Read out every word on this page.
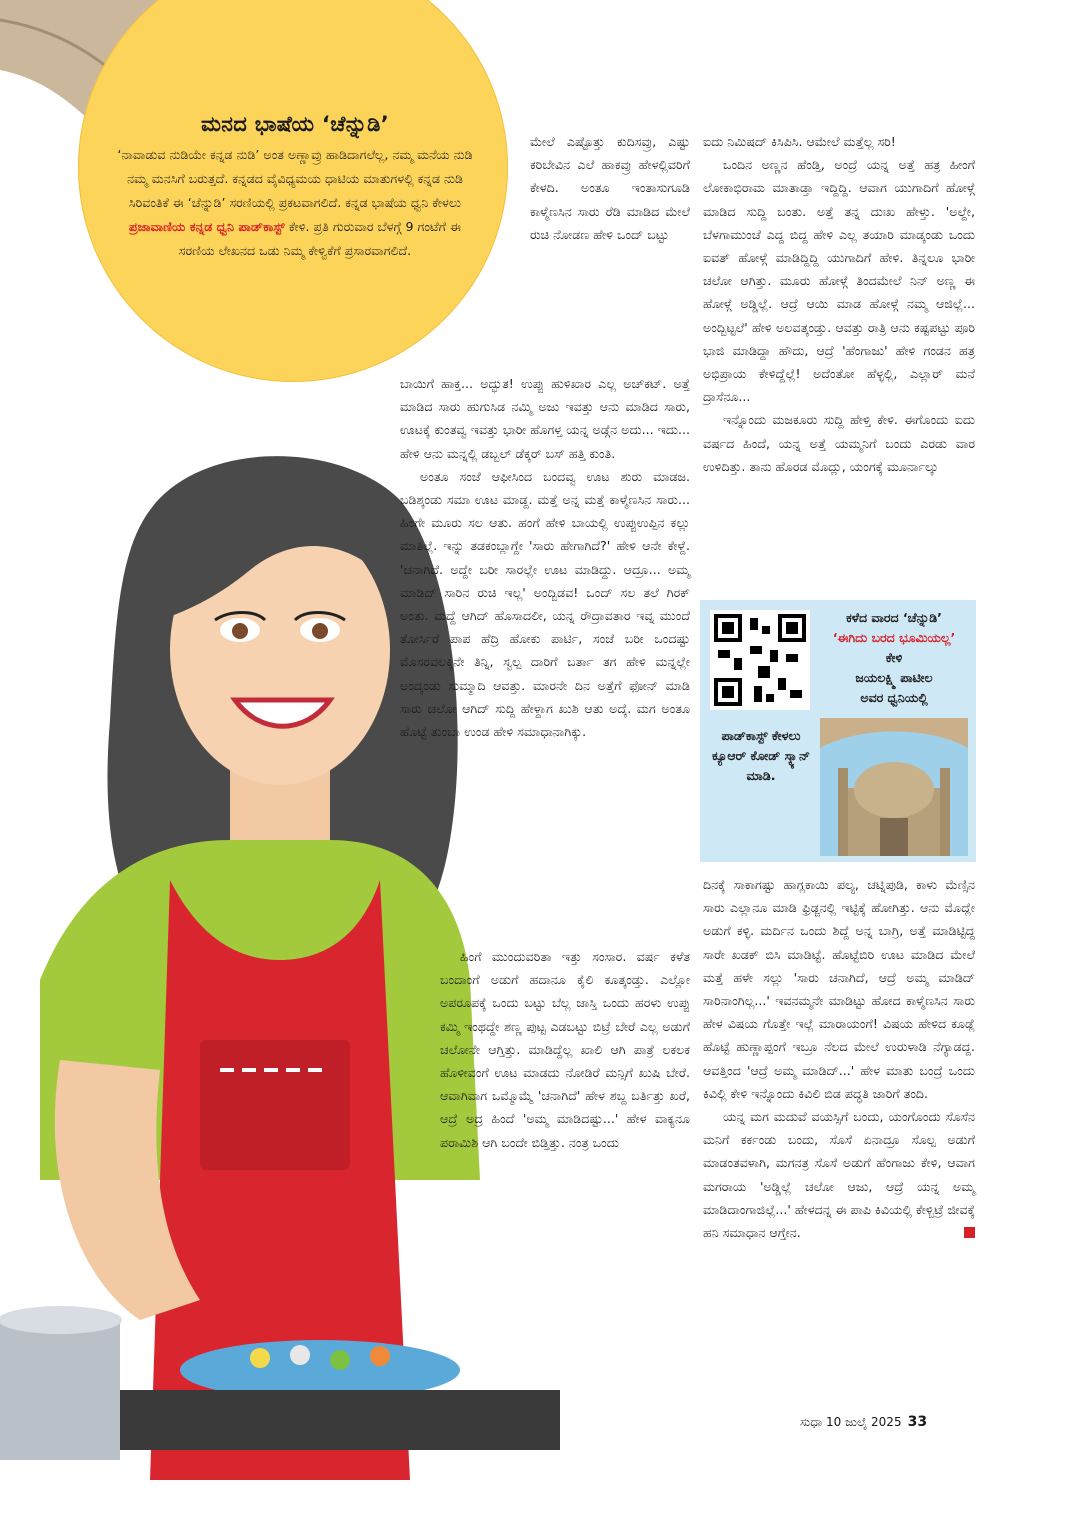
ಮನದ ಭಾಷೆಯ ‘ಚೆನ್ನುಡಿ’

‘ನಾವಾಡುವ ನುಡಿಯೇ ಕನ್ನಡ ನುಡಿ’ ಅಂತ ಅಣ್ಣಾವ್ರು ಹಾಡಿದಾಗಲೆಲ್ಲ, ನಮ್ಮ ಮನೆಯ ನುಡಿ ನಮ್ಮ ಮನಸಿಗೆ ಬರುತ್ತದೆ. ಕನ್ನಡದ ವೈವಿಧ್ಯಮಯ ಧಾಟಿಯ ಮಾತುಗಳಲ್ಲಿ ಕನ್ನಡ ನುಡಿ ಸಿರಿವಂತಿಕೆ ಈ ‘ಚೆನ್ನುಡಿ’ ಸರಣಿಯಲ್ಲಿ ಪ್ರಕಟವಾಗಲಿದೆ. ಕನ್ನಡ ಭಾಷೆಯ ಧ್ವನಿ ಕೇಳಲು ಪ್ರಜಾವಾಣಿಯ ಕನ್ನಡ ಧ್ವನಿ ಪಾಡ್‌ಕಾಸ್ಟ್ ಕೇಳಿ. ಪ್ರತಿ ಗುರುವಾರ ಬೆಳಗ್ಗೆ 9 ಗಂಟೆಗೆ ಈ ಸರಣಿಯ ಲೇಖನದ ಒಡು ನಿಮ್ಮ ಕೇಳ್ವಿಕೆಗೆ ಪ್ರಸಾರವಾಗಲಿದೆ.

ಮೇಲೆ ಎಷ್ಟೊತ್ತು ಕುದಿಸವ್ರು, ಎಷ್ಟು ಕರಿಬೇವಿನ ಎಲೆ ಹಾಕವ್ರು ಹೇಳಲ್ಲಿವರಿಗೆ ಕೇಳದಿ. ಅಂತೂ ಇಂತಾಸುಗೂಡಿ ಕಾಳ್ಮೆಣಸಿನ ಸಾರು ರೆಡಿ ಮಾಡಿದ ಮೇಲೆ ರುಚಿ ನೋಡಣ ಹೇಳಿ ಒಂದ್ ಬಟ್ಟು

ಬಾಯಿಗೆ ಹಾಕ್ತ... ಅದ್ಭುತ! ಉಪ್ಪು ಹುಳಿಖಾರ ಎಲ್ಲ ಅಚ್‌ಕಟ್. ಅತ್ತೆ ಮಾಡಿದ ಸಾರು ಹುಗುಸಿಡ ನಮ್ಮಿ ಅಜು ಇವತ್ತು ಆನು ಮಾಡಿದ ಸಾರು, ಊಟಕ್ಕೆ ಕುಂತವ್ವ ಇವತ್ತು ಭಾರೀ ಹೊಗಳ್ತ ಯನ್ನ ಅಡ್ಗೆನ ಅದು... ಇದು... ಹೇಳಿ ಆನು ಮನ್ನಲ್ಲಿ ಡಬ್ಬಲ್ ಡೆಕ್ಕರ್ ಬಸ್ ಹತ್ತಿ ಕುಂತಿ.

ಅಂತೂ ಸಂಜೆ ಆಫೀಸಿಂದ ಬಂದವ್ವ ಊಟ ಶುರು ಮಾಡಜ. ಬಡಿಶ್ಕಂಡು ಸಮಾ ಊಟ ಮಾಡ್ದ. ಮತ್ತೆ ಅನ್ನ ಮತ್ತೆ ಕಾಳ್ಮೆಣಸಿನ ಸಾರು... ಹಿಂಗೇ ಮೂರು ಸಲ ಆತು. ಹಂಗೆ ಹೇಳಿ ಬಾಯಲ್ಲಿ ಉಪ್ಪುಉಪ್ಪಿನ ಕಲ್ಲು ಮಾತಿಲ್ಲೆ. ಇನ್ನು ತಡಕಂಬ್ಲಾಗ್ದೇ 'ಸಾರು ಹೇಗಾಗಿದೆ?' ಹೇಳಿ ಆನೇ ಕೇಳ್ದೆ. 'ಚನಾಗಿದೆ. ಅದ್ದೇ ಬರೀ ಸಾರಲ್ಲೇ ಊಟ ಮಾಡಿದ್ದು. ಆದ್ರೂ... ಅಮ್ಮ ಮಾಡಿದ್ ಸಾರಿನ ರುಚಿ ಇಲ್ಲ' ಅಂದ್ಬಿಡವ! ಒಂದ್ ಸಲ ತಲೆ ಗಿರಕ್ ಅಂತು. ಮದ್ದೆ ಆಗಿದ್ ಹೊಸಾದಲೀ, ಯನ್ನ ರೌದ್ರಾವತಾರ ಇವ್ನ ಮುಂದೆ ತೋರ್ಸಿರೆ ಪಾಪ ಹೆದ್ರಿ ಹೋಕು ಪಾರ್ಟಿ, ಸಂಜೆ ಬರೀ ಒಂದಷ್ಟು ಮೊಸರವಲಕ್ಕಿನೇ ತಿನ್ನಿ, ಸ್ವಲ್ಪ ದಾರಿಗೆ ಬರ್ತಾ ತಗ ಹೇಳಿ ಮನ್ನಲ್ಲೇ ಅಂದ್ಕಂಡು ಸುಮ್ಮಾದಿ ಆವತ್ತು. ಮಾರನೇ ದಿನ ಅತ್ತೆಗೆ ಫೋನ್ ಮಾಡಿ ಸಾರು ಚಲೋ ಆಗಿದ್ ಸುದ್ದಿ ಹೇಳ್ದಾಗ ಖುಶಿ ಆತು ಅದ್ಕೆ. ಮಗ ಅಂತೂ ಹೊಟ್ಟೆ ತುಂಬಾ ಉಂಡ ಹೇಳಿ ಸಮಾಧಾನಾಗಿಕ್ಕು.

ಹಿಂಗೆ ಮುಂದುವರಿತಾ ಇತ್ತು ಸಂಸಾರ. ವರ್ಷ ಕಳೆತ ಬಂದಾಂಗೆ ಅಡುಗೆ ಹದಾನೂ ಕೈಲಿ ಕೂತ್ಕಂಡ್ತು. ಎಲ್ಲೋ ಅಪರೂಪಕ್ಕೆ ಒಂದು ಬಟ್ಟು ಬೆಲ್ಲ ಜಾಸ್ತಿ ಒಂದು ಹರಳು ಉಪ್ಪು ಕಮ್ಮಿ ಇಂಥದ್ದೇ ಶಣ್ಣ ಪುಟ್ಟ ಎಡಬಟ್ಟು ಬಿಟ್ರೆ ಬೇರೆ ಎಲ್ಲ ಅಡುಗೆ ಚಲೋನೇ ಆಗ್ತಿತ್ತು. ಮಾಡಿದ್ದೆಲ್ಲ ಖಾಲಿ ಆಗಿ ಪಾತ್ರೆ ಲಕಲಕ ಹೊಳೀವಂಗೆ ಊಟ ಮಾಡದು ನೋಡಿರೆ ಮನ್ಸಿಗೆ ಖುಷಿ ಬೇರೆ. ಆವಾಗಿವಾಗ ಒಮ್ಮೊಮ್ಮೆ 'ಚನಾಗಿದೆ' ಹೇಳ ಶಬ್ದ ಬರ್ತಿತ್ತು ಖರೆ, ಆದ್ರೆ ಅದ್ರ ಹಿಂದೆ 'ಅಮ್ಮ ಮಾಡಿದಷ್ಟು...' ಹೇಳ ವಾಕ್ಯನೂ ಪರಾಮಿಶಿ ಆಗಿ ಬಂದೇ ಬಿಡ್ತಿತ್ತು. ನಂತ್ರ ಒಂದು

ಐದು ನಿಮಿಷದ್ ಕಿಸಿಪಿಸಿ. ಆಮೇಲೆ ಮತ್ತೆಲ್ಲ ಸರಿ!

ಒಂದಿನ ಅಣ್ಣನ ಹೆಂಡ್ತಿ, ಅಂದ್ರೆ ಯನ್ನ ಅತ್ತೆ ಹತ್ರ ಹೀಂಗೆ ಲೋಕಾಭಿರಾಮ ಮಾತಾಡ್ತಾ ಇದ್ದಿದ್ದಿ. ಆವಾಗ ಯುಗಾದಿಗೆ ಹೋಳ್ಗೆ ಮಾಡಿದ ಸುದ್ದಿ ಬಂತು. ಅತ್ತೆ ತನ್ನ ದುಃಖ ಹೇಳ್ತು. 'ಅಲ್ದೇ, ಬೆಳಗಾಮುಂಚೆ ಎದ್ದ ಬಿದ್ದ ಹೇಳಿ ಎಲ್ಲ ತಯಾರಿ ಮಾಡ್ಕಂಡು ಒಂದು ಐವತ್ ಹೋಳ್ಗೆ ಮಾಡಿದ್ದಿದ್ದಿ ಯುಗಾದಿಗೆ ಹೇಳಿ. ತಿನ್ನಲೂ ಭಾರೀ ಚಲೋ ಆಗಿತ್ತು. ಮೂರು ಹೋಳ್ಗೆ ತಿಂದಮೇಲೆ ನಿನ್ ಅಣ್ಣ ಈ ಹೋಳ್ಗೆ ಅಡ್ಡಿಲ್ಲೆ. ಆದ್ರೆ ಆಯಿ ಮಾಡ ಹೋಳ್ಗೆ ನಮ್ಮ ಆಜಿಲ್ಲೆ... ಅಂದ್ಬಿಟ್ಟಲೆ' ಹೇಳಿ ಅಲವತ್ಕಂಡ್ತು. ಆವತ್ತು ರಾತ್ರಿ ಆನು ಕಷ್ಟಪಟ್ಟು ಪೂರಿ ಭಾಜಿ ಮಾಡಿದ್ದಾ ಹೌದು, ಆದ್ರೆ 'ಹೆಂಗಾಜು' ಹೇಳಿ ಗಂಡನ ಹತ್ರ ಅಭಿಪ್ರಾಯ ಕೇಳಿದ್ದೆಲ್ಲೆ! ಅದೆಂತೋ ಹೆಳ್ಳಲ್ಲಿ, ಎಲ್ಲಾರ್ ಮನೆ ದ್ರಾಸೆನೂ...

ಇನ್ನೊಂದು ಮಜಕೂರು ಸುದ್ದಿ ಹೇಳ್ತಿ ಕೇಳಿ. ಈಗೊಂದು ಐದು ವರ್ಷದ ಹಿಂದೆ, ಯನ್ನ ಅತ್ತೆ ಯಮ್ಮನಿಗೆ ಬಂದು ಎರಡು ವಾರ ಉಳಿದಿತ್ತು. ತಾನು ಹೊರಡ ಮೊದ್ಲು, ಯಂಗಕ್ಕೆ ಮೂರ್ನಾಲ್ಕು

ಕಳೆದ ವಾರದ ‘ಚೆನ್ನುಡಿ’
‘ಈಗಿದು ಬರದ ಭೂಮಿಯಲ್ಲ’
ಕೇಳಿ
ಜಯಲಕ್ಷ್ಮಿ ಪಾಟೀಲ
ಅವರ ಧ್ವನಿಯಲ್ಲಿ
ಪಾಡ್‌ಕಾಸ್ಟ್ ಕೇಳಲು ಕ್ಯೂಆರ್ ಕೋಡ್ ಸ್ಕ್ಯಾನ್ ಮಾಡಿ.

ದಿನಕ್ಕೆ ಸಾಕಾಗಷ್ಟು ಹಾಗ್ಲಕಾಯಿ ಪಲ್ಯ, ಚಟ್ನಿಪುಡಿ, ಕಾಳು ಮೆಣ್ಸಿನ ಸಾರು ಎಲ್ಲಾನೂ ಮಾಡಿ ಫ್ರಿಡ್ಜನಲ್ಲಿ ಇಟ್ಟಿಕ್ಕೆ ಹೋಗಿತ್ತು. ಆನು ಮೊದ್ಲೇ ಅಡುಗೆ ಕಳ್ಳಿ. ಮರ್ದಿನ ಒಂದು ಶಿದ್ದೆ ಅನ್ನ ಬಾಗ್ರಿ, ಅತ್ತೆ ಮಾಡಿಟ್ಟಿದ್ದ ಸಾರೇ ಖಡಕ್ ಬಿಸಿ ಮಾಡಿಟ್ಟೆ. ಹೊಟ್ಟೆಬಿರಿ ಊಟ ಮಾಡಿದ ಮೇಲೆ ಮತ್ತೆ ಹಳೇ ಸಲ್ಲು 'ಸಾರು ಚನಾಗಿದೆ, ಆದ್ರೆ ಅಮ್ಮ ಮಾಡಿದ್ ಸಾರಿನಾಂಗಿಲ್ಲ...' ಇವನಮ್ಮನೇ ಮಾಡಿಟ್ಟು ಹೋದ ಕಾಳ್ಮೆಣಸಿನ ಸಾರು ಹೇಳ ವಿಷಯ ಗೊತ್ತೇ ಇಲ್ಲೆ ಮಾರಾಯಂಗೆ! ವಿಷಯ ಹೇಳಿದ ಕೂಡ್ಲೆ ಹೊಟ್ಟೆ ಹುಣ್ಣಾಪ್ಪಂಗೆ ಇಬ್ರೂ ನೆಲದ ಮೇಲೆ ಉರುಳಾಡಿ ನೆಗ್ಯಾಡದ್ದ. ಆವತ್ತಿಂದ 'ಆದ್ರೆ ಅಮ್ಮ ಮಾಡಿದ್...' ಹೇಳ ಮಾತು ಬಂದ್ರೆ ಒಂದು ಕಿವಿಲ್ಲಿ ಕೇಳಿ ಇನ್ನೊಂದು ಕಿವಿಲಿ ಬಿಡ ಪದ್ಧತಿ ಜಾರಿಗೆ ತಂದಿ.

ಯನ್ನ ಮಗ ಮದುವೆ ವಯಸ್ಸಿಗೆ ಬಂದು, ಯಂಗೊಂದು ಸೊಸೆನ ಮನಿಗೆ ಕರ್ಕಂಡು ಬಂದು, ಸೊಸೆ ಏನಾದ್ರೂ ಸೊಲ್ಪ ಅಡುಗೆ ಮಾಡಂತವಳಾಗಿ, ಮಗನತ್ರ ಸೊಸೆ ಅಡುಗೆ ಹೆಂಗಾಜು ಕೇಳಿ, ಆವಾಗ ಮಗರಾಯ 'ಅಡ್ಡಿಲ್ಲೆ ಚಲೋ ಆಜು, ಆದ್ರೆ ಯನ್ನ ಅಮ್ಮ ಮಾಡಿದಾಂಗಾಜಿಲ್ಲೆ...' ಹೇಳದನ್ನ ಈ ಪಾಪಿ ಕಿವಿಯಲ್ಲಿ ಕೇಳ್ಬಿಟ್ರೆ ಜೀವಕ್ಕೆ ಹನಿ ಸಮಾಧಾನ ಆಗ್ತೇನ.

ಸುಧಾ 10 ಜುಲೈ 2025 33
